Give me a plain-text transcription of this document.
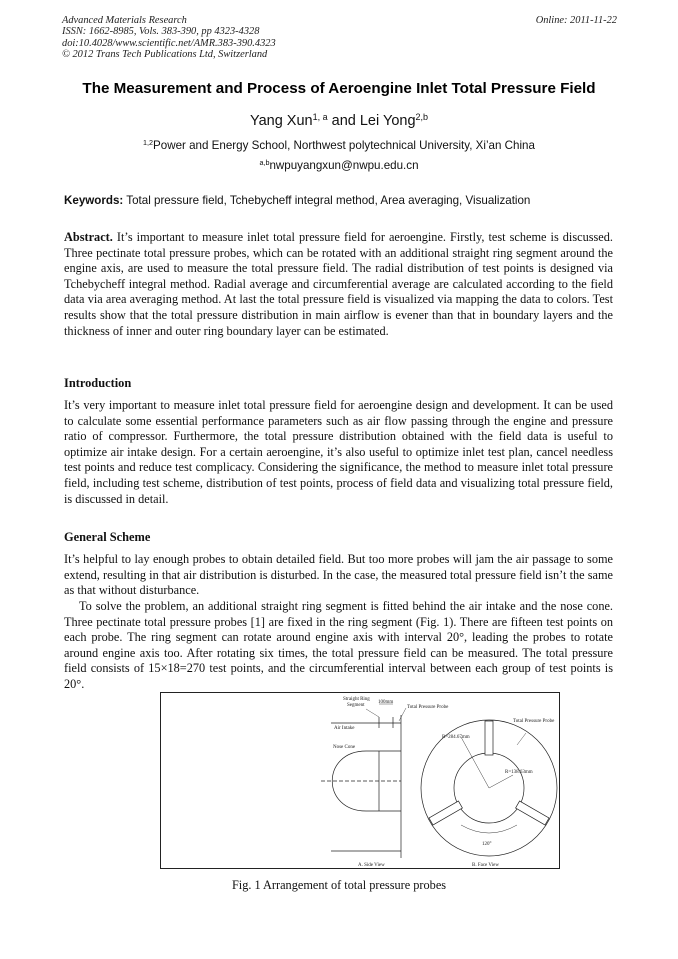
Advanced Materials Research
ISSN: 1662-8985, Vols. 383-390, pp 4323-4328
doi:10.4028/www.scientific.net/AMR.383-390.4323
© 2012 Trans Tech Publications Ltd, Switzerland
Online: 2011-11-22
The Measurement and Process of Aeroengine Inlet Total Pressure Field
Yang Xun$^{1, a}$ and Lei Yong$^{2,b}$
$^{1,2}$Power and Energy School, Northwest polytechnical University, Xi’an China
$^{a,b}$nwpuyangxun@nwpu.edu.cn
Keywords: Total pressure field, Tchebycheff integral method, Area averaging, Visualization
Abstract. It’s important to measure inlet total pressure field for aeroengine. Firstly, test scheme is discussed. Three pectinate total pressure probes, which can be rotated with an additional straight ring segment around the engine axis, are used to measure the total pressure field. The radial distribution of test points is designed via Tchebycheff integral method. Radial average and circumferential average are calculated according to the field data via area averaging method. At last the total pressure field is visualized via mapping the data to colors. Test results show that the total pressure distribution in main airflow is evener than that in boundary layers and the thickness of inner and outer ring boundary layer can be estimated.
Introduction
It’s very important to measure inlet total pressure field for aeroengine design and development. It can be used to calculate some essential performance parameters such as air flow passing through the engine and pressure ratio of compressor. Furthermore, the total pressure distribution obtained with the field data is useful to optimize air intake design. For a certain aeroengine, it’s also useful to optimize inlet test plan, cancel needless test points and reduce test complicacy. Considering the significance, the method to measure inlet total pressure field, including test scheme, distribution of test points, process of field data and visualizing total pressure field, is discussed in detail.
General Scheme
It’s helpful to lay enough probes to obtain detailed field. But too more probes will jam the air passage to some extend, resulting in that air distribution is disturbed. In the case, the measured total pressure field isn’t the same as that without disturbance.
To solve the problem, an additional straight ring segment is fitted behind the air intake and the nose cone. Three pectinate total pressure probes [1] are fixed in the ring segment (Fig. 1). There are fifteen test points on each probe. The ring segment can rotate around engine axis with interval 20°, leading the probes to rotate around engine axis too. After rotating six times, the total pressure field can be measured. The total pressure field consists of 15×18=270 test points, and the circumferential interval between each group of test points is 20°.
Straight Ring
Segment
100mm
Total Pressure Probe
Air Intake
Nose Cone
A. Side View
Total Pressure Probe
R=284.67mm
R=138.63mm
120°
B. Face View
Fig. 1 Arrangement of total pressure probes
